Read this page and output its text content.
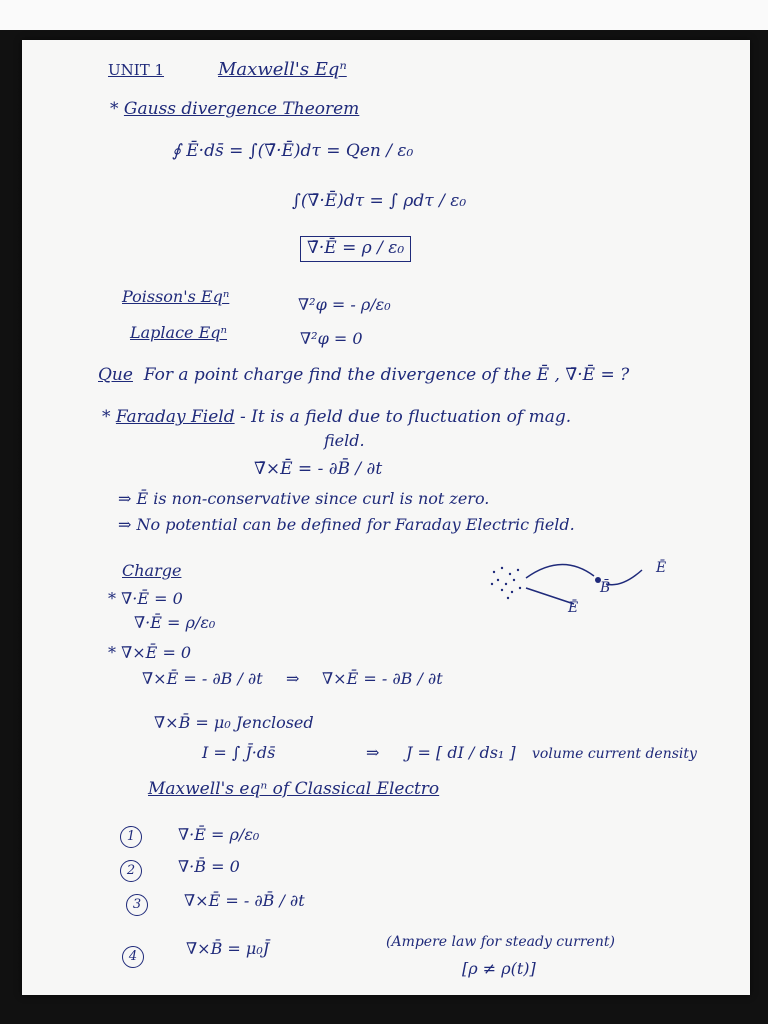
UNIT 1	Maxwell's Eqⁿ
* Gauss divergence Theorem
∮ Ē·ds̄ = ∫(∇̄·Ē)dτ = Qen / ε₀
∫(∇̄·Ē)dτ = ∫ ρdτ / ε₀
∇̄·Ē = ρ / ε₀
Poisson's Eqⁿ	∇²φ = - ρ/ε₀
Laplace Eqⁿ	∇²φ = 0
Que For a point charge find the divergence of the Ē , ∇̄·Ē = ?
* Faraday Field - It is a field due to fluctuation of mag.
field.
∇̄×Ē = - ∂B̄ / ∂t
⇒ Ē is non-conservative since curl is not zero.
⇒ No potential can be defined for Faraday Electric field.
Charge
* ∇̄·Ē = 0
∇̄·Ē = ρ/ε₀
* ∇̄×Ē = 0
∇̄×Ē = - ∂B / ∂t ⇒ ∇̄×Ē = - ∂B / ∂t
∇̄×B̄ = μ₀ Jenclosed
I = ∫ J̄·ds̄	⇒ J = [ dI / ds₁ ] volume current density
B̄
Ē
Ē
Maxwell's eqⁿ of Classical Electro
1	∇̄·Ē = ρ/ε₀
2	∇̄·B̄ = 0
3	∇̄×Ē = - ∂B̄ / ∂t
4	∇̄×B̄ = μ₀J̄	(Ampere law for steady current)
[ρ ≠ ρ(t)]
